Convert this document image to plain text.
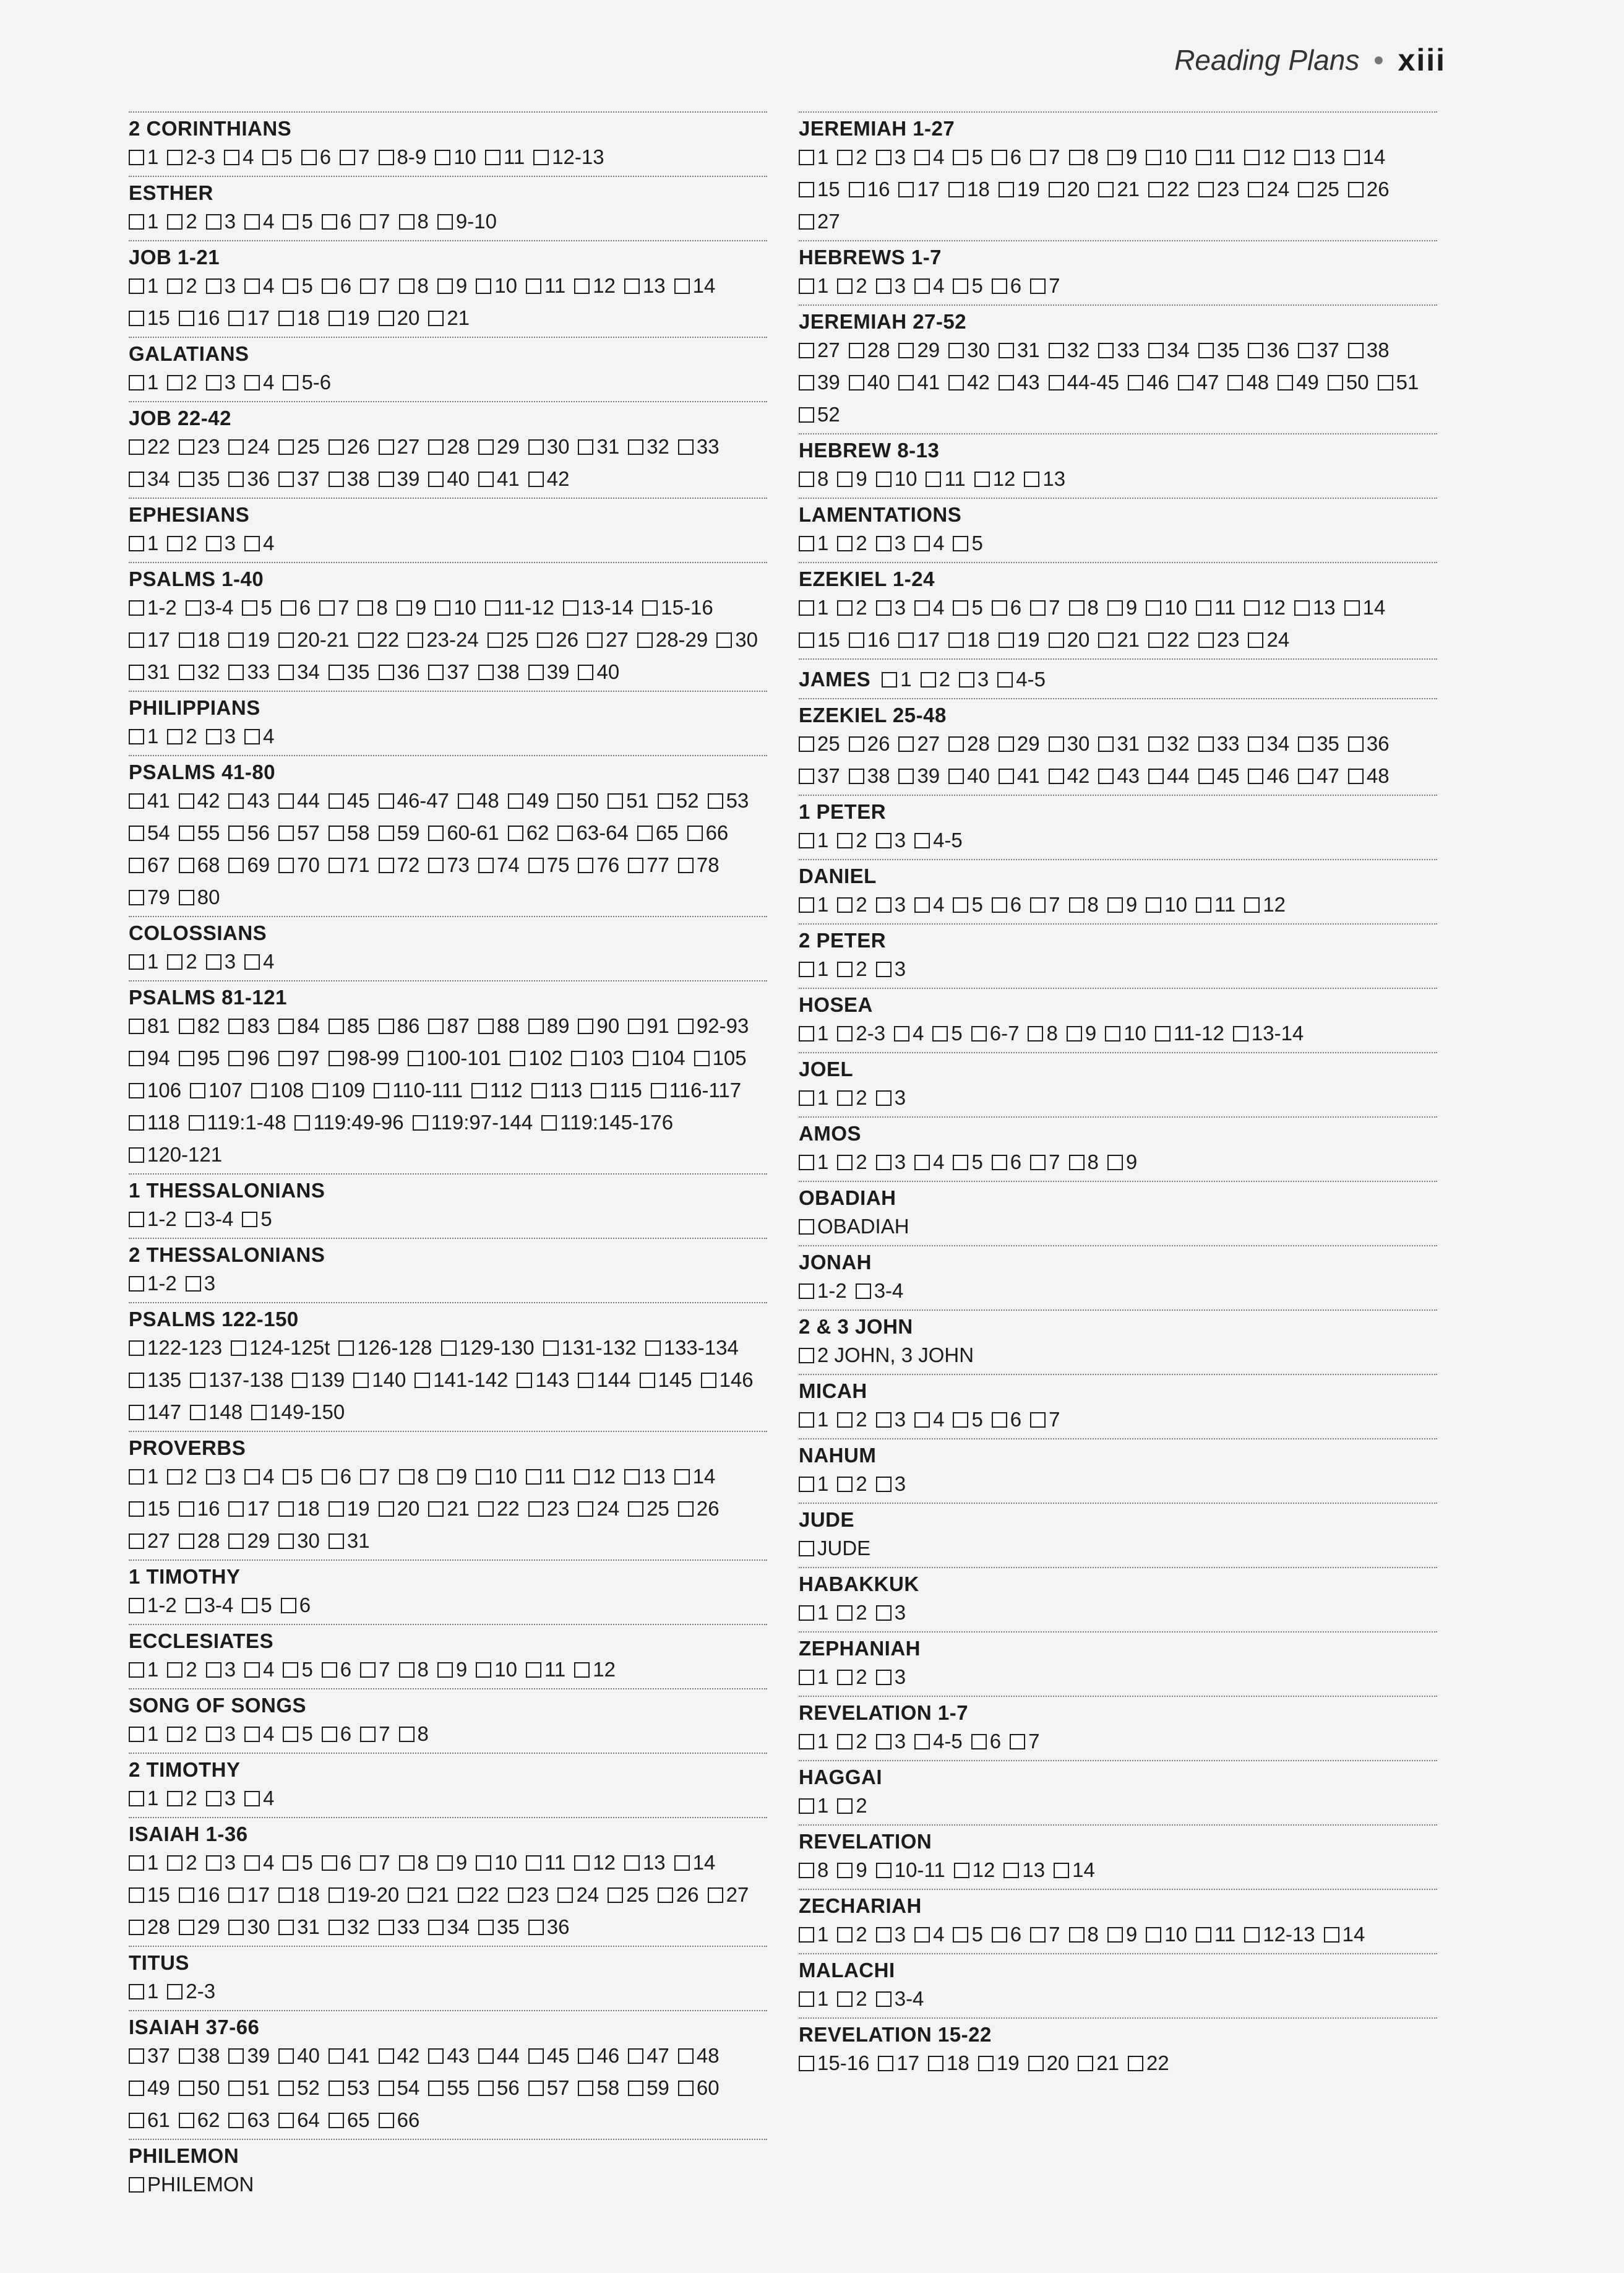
Reading Plans ● xiii
2 CORINTHIANS
1 2-3 4 5 6 7 8-9 10 11 12-13
ESTHER
1 2 3 4 5 6 7 8 9-10
JOB 1-21
1 2 3 4 5 6 7 8 9 10 11 12 13 14
15 16 17 18 19 20 21
GALATIANS
1 2 3 4 5-6
JOB 22-42
22 23 24 25 26 27 28 29 30 31 32 33
34 35 36 37 38 39 40 41 42
EPHESIANS
1 2 3 4
PSALMS 1-40
1-2 3-4 5 6 7 8 9 10 11-12 13-14 15-16
17 18 19 20-21 22 23-24 25 26 27 28-29 30
31 32 33 34 35 36 37 38 39 40
PHILIPPIANS
1 2 3 4
PSALMS 41-80
41 42 43 44 45 46-47 48 49 50 51 52 53
54 55 56 57 58 59 60-61 62 63-64 65 66
67 68 69 70 71 72 73 74 75 76 77 78
79 80
COLOSSIANS
1 2 3 4
PSALMS 81-121
81 82 83 84 85 86 87 88 89 90 91 92-93
94 95 96 97 98-99 100-101 102 103 104 105
106 107 108 109 110-111 112 113 115 116-117
118 119:1-48 119:49-96 119:97-144 119:145-176
120-121
1 THESSALONIANS
1-2 3-4 5
2 THESSALONIANS
1-2 3
PSALMS 122-150
122-123 124-125t 126-128 129-130 131-132 133-134
135 137-138 139 140 141-142 143 144 145 146
147 148 149-150
PROVERBS
1 2 3 4 5 6 7 8 9 10 11 12 13 14
15 16 17 18 19 20 21 22 23 24 25 26
27 28 29 30 31
1 TIMOTHY
1-2 3-4 5 6
ECCLESIATES
1 2 3 4 5 6 7 8 9 10 11 12
SONG OF SONGS
1 2 3 4 5 6 7 8
2 TIMOTHY
1 2 3 4
ISAIAH 1-36
1 2 3 4 5 6 7 8 9 10 11 12 13 14
15 16 17 18 19-20 21 22 23 24 25 26 27
28 29 30 31 32 33 34 35 36
TITUS
1 2-3
ISAIAH 37-66
37 38 39 40 41 42 43 44 45 46 47 48
49 50 51 52 53 54 55 56 57 58 59 60
61 62 63 64 65 66
PHILEMON
PHILEMON
JEREMIAH 1-27
1 2 3 4 5 6 7 8 9 10 11 12 13 14
15 16 17 18 19 20 21 22 23 24 25 26
27
HEBREWS 1-7
1 2 3 4 5 6 7
JEREMIAH 27-52
27 28 29 30 31 32 33 34 35 36 37 38
39 40 41 42 43 44-45 46 47 48 49 50 51
52
HEBREW 8-13
8 9 10 11 12 13
LAMENTATIONS
1 2 3 4 5
EZEKIEL 1-24
1 2 3 4 5 6 7 8 9 10 11 12 13 14
15 16 17 18 19 20 21 22 23 24
JAMES 1 2 3 4-5
EZEKIEL 25-48
25 26 27 28 29 30 31 32 33 34 35 36
37 38 39 40 41 42 43 44 45 46 47 48
1 PETER
1 2 3 4-5
DANIEL
1 2 3 4 5 6 7 8 9 10 11 12
2 PETER
1 2 3
HOSEA
1 2-3 4 5 6-7 8 9 10 11-12 13-14
JOEL
1 2 3
AMOS
1 2 3 4 5 6 7 8 9
OBADIAH
OBADIAH
JONAH
1-2 3-4
2 & 3 JOHN
2 JOHN, 3 JOHN
MICAH
1 2 3 4 5 6 7
NAHUM
1 2 3
JUDE
JUDE
HABAKKUK
1 2 3
ZEPHANIAH
1 2 3
REVELATION 1-7
1 2 3 4-5 6 7
HAGGAI
1 2
REVELATION
8 9 10-11 12 13 14
ZECHARIAH
1 2 3 4 5 6 7 8 9 10 11 12-13 14
MALACHI
1 2 3-4
REVELATION 15-22
15-16 17 18 19 20 21 22
